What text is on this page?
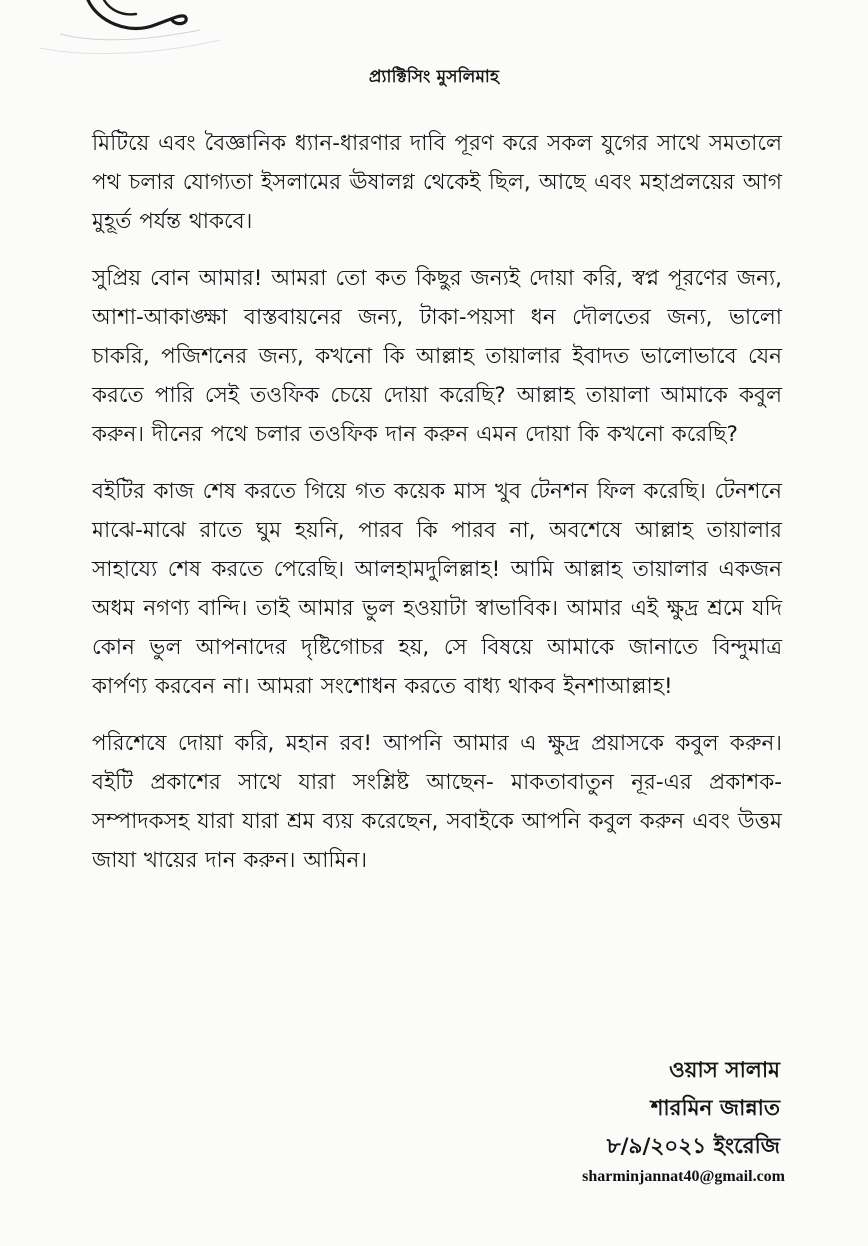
প্র্যাক্টিসিং মুসলিমাহ

মিটিয়ে এবং বৈজ্ঞানিক ধ্যান-ধারণার দাবি পূরণ করে সকল যুগের সাথে সমতালে পথ চলার যোগ্যতা ইসলামের ঊষালগ্ন থেকেই ছিল, আছে এবং মহাপ্রলয়ের আগ মুহূর্ত পর্যন্ত থাকবে।

সুপ্রিয় বোন আমার! আমরা তো কত কিছুর জন্যই দোয়া করি, স্বপ্ন পূরণের জন্য, আশা-আকাঙ্ক্ষা বাস্তবায়নের জন্য, টাকা-পয়সা ধন দৌলতের জন্য, ভালো চাকরি, পজিশনের জন্য, কখনো কি আল্লাহ তায়ালার ইবাদত ভালোভাবে যেন করতে পারি সেই তওফিক চেয়ে দোয়া করেছি? আল্লাহ তায়ালা আমাকে কবুল করুন। দীনের পথে চলার তওফিক দান করুন এমন দোয়া কি কখনো করেছি?

বইটির কাজ শেষ করতে গিয়ে গত কয়েক মাস খুব টেনশন ফিল করেছি। টেনশনে মাঝে-মাঝে রাতে ঘুম হয়নি, পারব কি পারব না, অবশেষে আল্লাহ তায়ালার সাহায্যে শেষ করতে পেরেছি। আলহামদুলিল্লাহ! আমি আল্লাহ তায়ালার একজন অধম নগণ্য বান্দি। তাই আমার ভুল হওয়াটা স্বাভাবিক। আমার এই ক্ষুদ্র শ্রমে যদি কোন ভুল আপনাদের দৃষ্টিগোচর হয়, সে বিষয়ে আমাকে জানাতে বিন্দুমাত্র কার্পণ্য করবেন না। আমরা সংশোধন করতে বাধ্য থাকব ইনশাআল্লাহ!

পরিশেষে দোয়া করি, মহান রব! আপনি আমার এ ক্ষুদ্র প্রয়াসকে কবুল করুন। বইটি প্রকাশের সাথে যারা সংশ্লিষ্ট আছেন- মাকতাবাতুন নূর-এর প্রকাশক-সম্পাদকসহ যারা যারা শ্রম ব্যয় করেছেন, সবাইকে আপনি কবুল করুন এবং উত্তম জাযা খায়ের দান করুন। আমিন।

ওয়াস সালাম
শারমিন জান্নাত
৮/৯/২০২১ ইংরেজি
sharminjannat40@gmail.com
